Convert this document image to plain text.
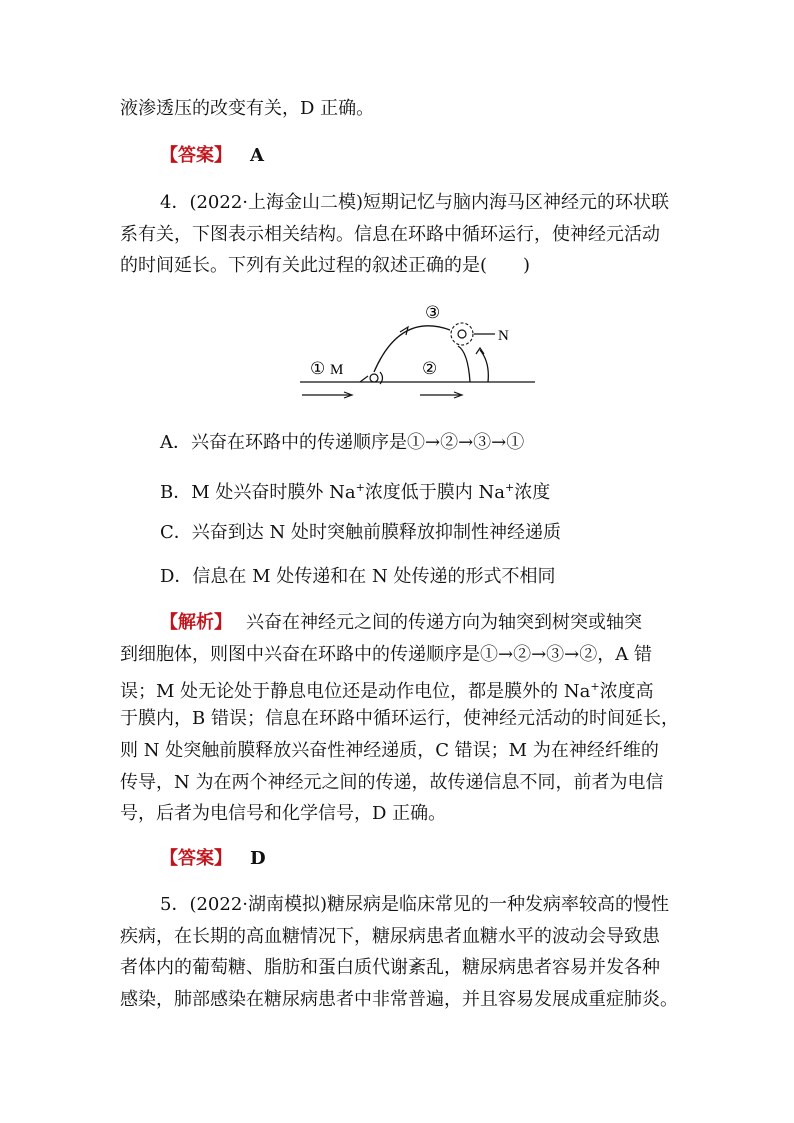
液渗透压的改变有关，D 正确。
【答案】 A
4．(2022·上海金山二模)短期记忆与脑内海马区神经元的环状联
系有关，下图表示相关结构。信息在环路中循环运行，使神经元活动
的时间延长。下列有关此过程的叙述正确的是(　　)
① M	②
③
N
A．兴奋在环路中的传递顺序是①→②→③→①
B．M 处兴奋时膜外 Na+浓度低于膜内 Na+浓度
C．兴奋到达 N 处时突触前膜释放抑制性神经递质
D．信息在 M 处传递和在 N 处传递的形式不相同
【解析】 兴奋在神经元之间的传递方向为轴突到树突或轴突
到细胞体，则图中兴奋在环路中的传递顺序是①→②→③→②，A 错
误；M 处无论处于静息电位还是动作电位，都是膜外的 Na+浓度高
于膜内，B 错误；信息在环路中循环运行，使神经元活动的时间延长，
则 N 处突触前膜释放兴奋性神经递质，C 错误；M 为在神经纤维的
传导，N 为在两个神经元之间的传递，故传递信息不同，前者为电信
号，后者为电信号和化学信号，D 正确。
【答案】 D
5．(2022·湖南模拟)糖尿病是临床常见的一种发病率较高的慢性
疾病，在长期的高血糖情况下，糖尿病患者血糖水平的波动会导致患
者体内的葡萄糖、脂肪和蛋白质代谢紊乱，糖尿病患者容易并发各种
感染，肺部感染在糖尿病患者中非常普遍，并且容易发展成重症肺炎。
